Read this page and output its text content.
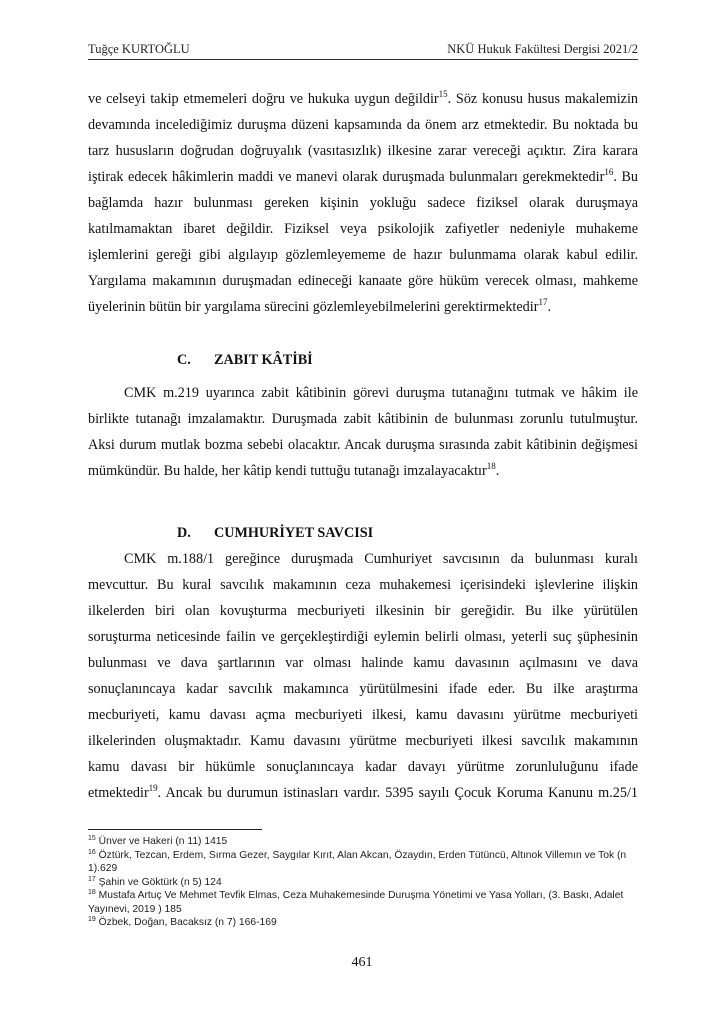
Tuğçe KURTOĞLU	NKÜ Hukuk Fakültesi Dergisi 2021/2
ve celseyi takip etmemeleri doğru ve hukuka uygun değildir$^{15}$. Söz konusu husus makalemizin
devamında incelediğimiz duruşma düzeni kapsamında da önem arz etmektedir. Bu noktada bu
tarz hususların doğrudan doğruyalık (vasıtasızlık) ilkesine zarar vereceği açıktır. Zira karara
iştirak edecek hâkimlerin maddi ve manevi olarak duruşmada bulunmaları gerekmektedir$^{16}$. Bu
bağlamda hazır bulunması gereken kişinin yokluğu sadece fiziksel olarak duruşmaya
katılmamaktan ibaret değildir. Fiziksel veya psikolojik zafiyetler nedeniyle muhakeme
işlemlerini gereği gibi algılayıp gözlemleyememe de hazır bulunmama olarak kabul edilir.
Yargılama makamının duruşmadan edineceği kanaate göre hüküm verecek olması, mahkeme
üyelerinin bütün bir yargılama sürecini gözlemleyebilmelerini gerektirmektedir$^{17}$.
C. ZABIT KÂTİBİ
CMK m.219 uyarınca zabit kâtibinin görevi duruşma tutanağını tutmak ve hâkim ile
birlikte tutanağı imzalamaktır. Duruşmada zabit kâtibinin de bulunması zorunlu tutulmuştur.
Aksi durum mutlak bozma sebebi olacaktır. Ancak duruşma sırasında zabit kâtibinin değişmesi
mümkündür. Bu halde, her kâtip kendi tuttuğu tutanağı imzalayacaktır$^{18}$.
D. CUMHURİYET SAVCISI
CMK m.188/1 gereğince duruşmada Cumhuriyet savcısının da bulunması kuralı
mevcuttur. Bu kural savcılık makamının ceza muhakemesi içerisindeki işlevlerine ilişkin
ilkelerden biri olan kovuşturma mecburiyeti ilkesinin bir gereğidir. Bu ilke yürütülen
soruşturma neticesinde failin ve gerçekleştirdiği eylemin belirli olması, yeterli suç şüphesinin
bulunması ve dava şartlarının var olması halinde kamu davasının açılmasını ve dava
sonuçlanıncaya kadar savcılık makamınca yürütülmesini ifade eder. Bu ilke araştırma
mecburiyeti, kamu davası açma mecburiyeti ilkesi, kamu davasını yürütme mecburiyeti
ilkelerinden oluşmaktadır. Kamu davasını yürütme mecburiyeti ilkesi savcılık makamının
kamu davası bir hükümle sonuçlanıncaya kadar davayı yürütme zorunluluğunu ifade
etmektedir$^{19}$. Ancak bu durumun istinasları vardır. 5395 sayılı Çocuk Koruma Kanunu m.25/1
$^{15}$ Ünver ve Hakeri (n 11) 1415
$^{16}$ Öztürk, Tezcan, Erdem, Sırma Gezer, Saygılar Kırıt, Alan Akcan, Özaydın, Erden Tütüncü, Altınok Villemın ve Tok (n 1).629
$^{17}$ Şahin ve Göktürk (n 5) 124
$^{18}$ Mustafa Artuç Ve Mehmet Tevfik Elmas, Ceza Muhakemesinde Duruşma Yönetimi ve Yasa Yolları, (3. Baskı, Adalet Yayınevi, 2019 ) 185
$^{19}$ Özbek, Doğan, Bacaksız (n 7) 166-169
461
